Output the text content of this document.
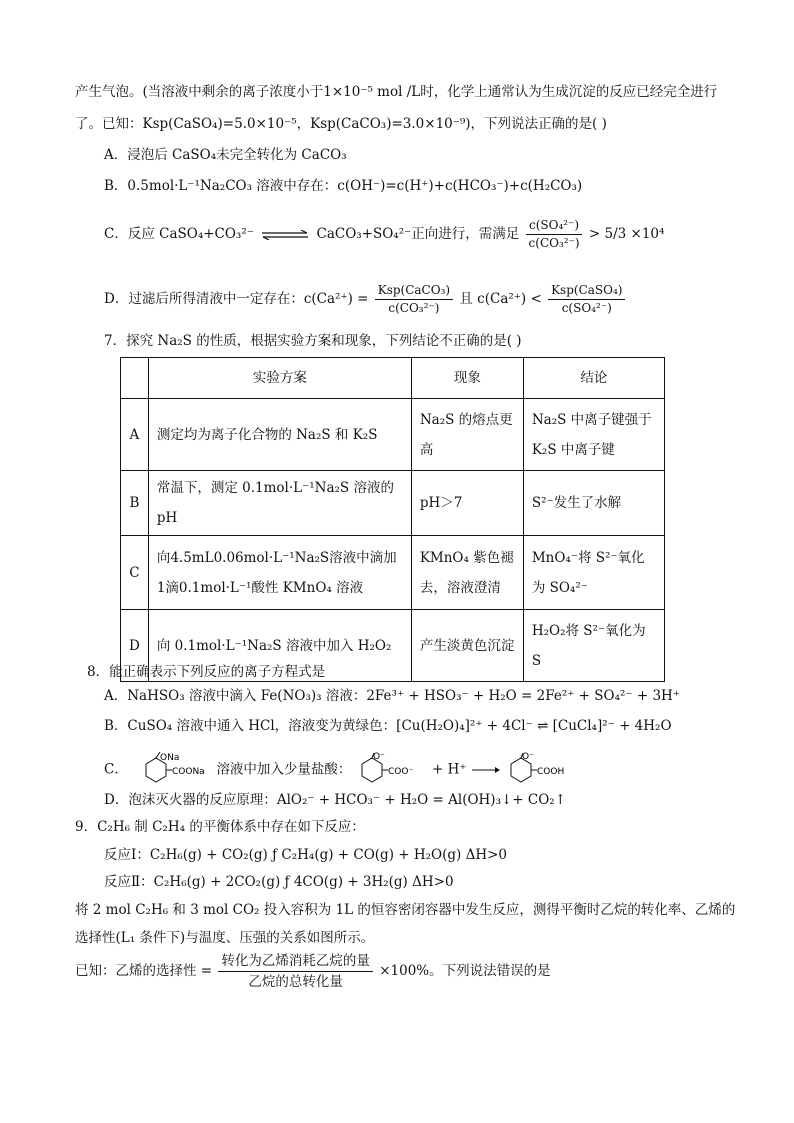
产生气泡。(当溶液中剩余的离子浓度小于1×10⁻⁵ mol /L时，化学上通常认为生成沉淀的反应已经完全进行
了。已知：Ksp(CaSO₄)=5.0×10⁻⁵，Ksp(CaCO₃)=3.0×10⁻⁹)，下列说法正确的是( )
A．浸泡后 CaSO₄未完全转化为 CaCO₃
B．0.5mol·L⁻¹Na₂CO₃ 溶液中存在：c(OH⁻)=c(H⁺)+c(HCO₃⁻)+c(H₂CO₃)
C．反应 CaSO₄+CO₃²⁻ ⇌ CaCO₃+SO₄²⁻正向进行，需满足 $\frac{\text{c(SO₄²⁻)}}{\text{c(CO₃²⁻)}} > 5/3 \times 10^4$
D．过滤后所得清液中一定存在：$c(Ca^{2+}) = \frac{\text{Ksp(CaCO₃)}}{\text{c(CO₃²⁻)}}$ 且 $c(Ca^{2+}) < \frac{\text{Ksp(CaSO₄)}}{\text{c(SO₄²⁻)}}$
7．探究 Na₂S 的性质，根据实验方案和现象，下列结论不正确的是( )
	实验方案	现象	结论
A	测定均为离子化合物的 Na₂S 和 K₂S	Na₂S 的熔点更高	Na₂S 中离子键强于 K₂S 中离子键
B	常温下，测定 0.1mol·L⁻¹Na₂S 溶液的 pH	pH＞7	S²⁻发生了水解
C	向4.5mL0.06mol·L⁻¹Na₂S溶液中滴加1滴0.1mol·L⁻¹酸性 KMnO₄ 溶液	KMnO₄ 紫色褪去，溶液澄清	MnO₄⁻将 S²⁻氧化为 SO₄²⁻
D	向 0.1mol·L⁻¹Na₂S 溶液中加入 H₂O₂	产生淡黄色沉淀	H₂O₂将 S²⁻氧化为 S
8．能正确表示下列反应的离子方程式是
A．NaHSO₃ 溶液中滴入 Fe(NO₃)₃ 溶液：2Fe³⁺ + HSO₃⁻ + H₂O = 2Fe²⁺ + SO₄²⁻ + 3H⁺
B．CuSO₄ 溶液中通入 HCl，溶液变为黄绿色：[Cu(H₂O)₄]²⁺ + 4Cl⁻ ⇌ [CuCl₄]²⁻ + 4H₂O
C．
ONa
COONa 溶液中加入少量盐酸：
O⁻
COO⁻ + H⁺ →
O⁻
COOH
D．泡沫灭火器的反应原理：AlO₂⁻ + HCO₃⁻ + H₂O = Al(OH)₃↓+ CO₂↑
9．C₂H₆ 制 C₂H₄ 的平衡体系中存在如下反应：
反应Ⅰ：C₂H₆(g) + CO₂(g) ƒ C₂H₄(g) + CO(g) + H₂O(g) ΔH>0
反应Ⅱ：C₂H₆(g) + 2CO₂(g) ƒ 4CO(g) + 3H₂(g) ΔH>0
将 2 mol C₂H₆ 和 3 mol CO₂ 投入容积为 1L 的恒容密闭容器中发生反应，测得平衡时乙烷的转化率、乙烯的
选择性(L₁ 条件下)与温度、压强的关系如图所示。
已知：乙烯的选择性 = $\frac{\text{转化为乙烯消耗乙烷的量}}{\text{乙烷的总转化量}} \times 100\%$。下列说法错误的是
